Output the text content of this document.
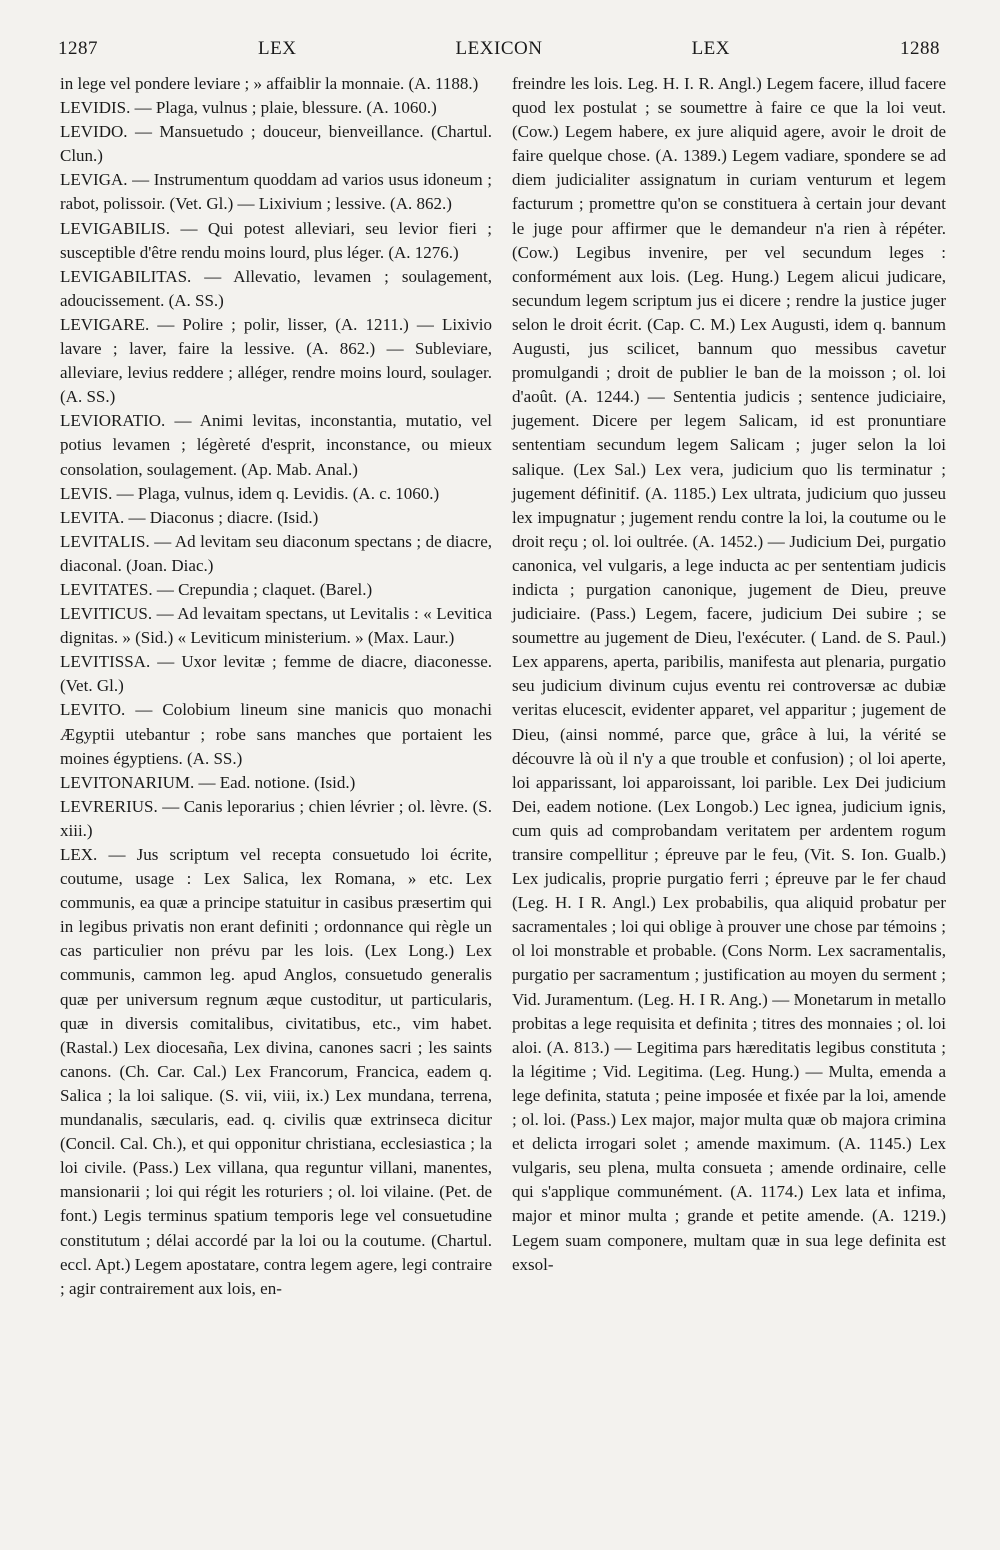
1287	LEX	LEXICON	LEX	1288

in lege vel pondere leviare ; » affaiblir la monnaie. (A. 1188.)

LEVIDIS. — Plaga, vulnus ; plaie, blessure. (A. 1060.)

LEVIDO. — Mansuetudo ; douceur, bienveillance. (Chartul. Clun.)

LEVIGA. — Instrumentum quoddam ad varios usus idoneum ; rabot, polissoir. (Vet. Gl.) — Lixivium ; lessive. (A. 862.)

LEVIGABILIS. — Qui potest alleviari, seu levior fieri ; susceptible d'être rendu moins lourd, plus léger. (A. 1276.)

LEVIGABILITAS. — Allevatio, levamen ; soulagement, adoucissement. (A. SS.)

LEVIGARE. — Polire ; polir, lisser, (A. 1211.) — Lixivio lavare ; laver, faire la lessive. (A. 862.) — Subleviare, alleviare, levius reddere ; alléger, rendre moins lourd, soulager. (A. SS.)

LEVIORATIO. — Animi levitas, inconstantia, mutatio, vel potius levamen ; légèreté d'esprit, inconstance, ou mieux consolation, soulagement. (Ap. Mab. Anal.)

LEVIS. — Plaga, vulnus, idem q. Levidis. (A. c. 1060.)

LEVITA. — Diaconus ; diacre. (Isid.)

LEVITALIS. — Ad levitam seu diaconum spectans ; de diacre, diaconal. (Joan. Diac.)

LEVITATES. — Crepundia ; claquet. (Barel.)

LEVITICUS. — Ad levaitam spectans, ut Levitalis : « Levitica dignitas. » (Sid.) « Leviticum ministerium. » (Max. Laur.)

LEVITISSA. — Uxor levitæ ; femme de diacre, diaconesse. (Vet. Gl.)

LEVITO. — Colobium lineum sine manicis quo monachi Ægyptii utebantur ; robe sans manches que portaient les moines égyptiens. (A. SS.)

LEVITONARIUM. — Ead. notione. (Isid.)

LEVRERIUS. — Canis leporarius ; chien lévrier ; ol. lèvre. (S. xiii.)

LEX. — Jus scriptum vel recepta consuetudo loi écrite, coutume, usage : Lex Salica, lex Romana, » etc. Lex communis, ea quæ a principe statuitur in casibus præsertim qui in legibus privatis non erant definiti ; ordonnance qui règle un cas particulier non prévu par les lois. (Lex Long.) Lex communis, cammon leg. apud Anglos, consuetudo generalis quæ per universum regnum æque custoditur, ut particularis, quæ in diversis comitalibus, civitatibus, etc., vim habet. (Rastal.) Lex diocesaña, Lex divina, canones sacri ; les saints canons. (Ch. Car. Cal.) Lex Francorum, Francica, eadem q. Salica ; la loi salique. (S. vii, viii, ix.) Lex mundana, terrena, mundanalis, sæcularis, ead. q. civilis quæ extrinseca dicitur (Concil. Cal. Ch.), et qui opponitur christiana, ecclesiastica ; la loi civile. (Pass.) Lex villana, qua reguntur villani, manentes, mansionarii ; loi qui régit les roturiers ; ol. loi vilaine. (Pet. de font.) Legis terminus spatium temporis lege vel consuetudine constitutum ; délai accordé par la loi ou la coutume. (Chartul. eccl. Apt.) Legem apostatare, contra legem agere, legi contraire ; agir contrairement aux lois, en-

freindre les lois. Leg. H. I. R. Angl.) Legem facere, illud facere quod lex postulat ; se soumettre à faire ce que la loi veut. (Cow.) Legem habere, ex jure aliquid agere, avoir le droit de faire quelque chose. (A. 1389.) Legem vadiare, spondere se ad diem judicialiter assignatum in curiam venturum et legem facturum ; promettre qu'on se constituera à certain jour devant le juge pour affirmer que le demandeur n'a rien à répéter. (Cow.) Legibus invenire, per vel secundum leges : conformément aux lois. (Leg. Hung.) Legem alicui judicare, secundum legem scriptum jus ei dicere ; rendre la justice juger selon le droit écrit. (Cap. C. M.) Lex Augusti, idem q. bannum Augusti, jus scilicet, bannum quo messibus cavetur promulgandi ; droit de publier le ban de la moisson ; ol. loi d'août. (A. 1244.) — Sententia judicis ; sentence judiciaire, jugement. Dicere per legem Salicam, id est pronuntiare sententiam secundum legem Salicam ; juger selon la loi salique. (Lex Sal.) Lex vera, judicium quo lis terminatur ; jugement définitif. (A. 1185.) Lex ultrata, judicium quo jusseu lex impugnatur ; jugement rendu contre la loi, la coutume ou le droit reçu ; ol. loi oultrée. (A. 1452.) — Judicium Dei, purgatio canonica, vel vulgaris, a lege inducta ac per sententiam judicis indicta ; purgation canonique, jugement de Dieu, preuve judiciaire. (Pass.) Legem, facere, judicium Dei subire ; se soumettre au jugement de Dieu, l'exécuter. ( Land. de S. Paul.) Lex apparens, aperta, paribilis, manifesta aut plenaria, purgatio seu judicium divinum cujus eventu rei controversæ ac dubiæ veritas elucescit, evidenter apparet, vel apparitur ; jugement de Dieu, (ainsi nommé, parce que, grâce à lui, la vérité se découvre là où il n'y a que trouble et confusion) ; ol loi aperte, loi apparissant, loi apparoissant, loi parible. Lex Dei judicium Dei, eadem notione. (Lex Longob.) Lec ignea, judicium ignis, cum quis ad comprobandam veritatem per ardentem rogum transire compellitur ; épreuve par le feu, (Vit. S. Ion. Gualb.) Lex judicalis, proprie purgatio ferri ; épreuve par le fer chaud (Leg. H. I R. Angl.) Lex probabilis, qua aliquid probatur per sacramentales ; loi qui oblige à prouver une chose par témoins ; ol loi monstrable et probable. (Cons Norm. Lex sacramentalis, purgatio per sacramentum ; justification au moyen du serment ; Vid. Juramentum. (Leg. H. I R. Ang.) — Monetarum in metallo probitas a lege requisita et definita ; titres des monnaies ; ol. loi aloi. (A. 813.) — Legitima pars hæreditatis legibus constituta ; la légitime ; Vid. Legitima. (Leg. Hung.) — Multa, emenda a lege definita, statuta ; peine imposée et fixée par la loi, amende ; ol. loi. (Pass.) Lex major, major multa quæ ob majora crimina et delicta irrogari solet ; amende maximum. (A. 1145.) Lex vulgaris, seu plena, multa consueta ; amende ordinaire, celle qui s'applique communément. (A. 1174.) Lex lata et infima, major et minor multa ; grande et petite amende. (A. 1219.) Legem suam componere, multam quæ in sua lege definita est exsol-
